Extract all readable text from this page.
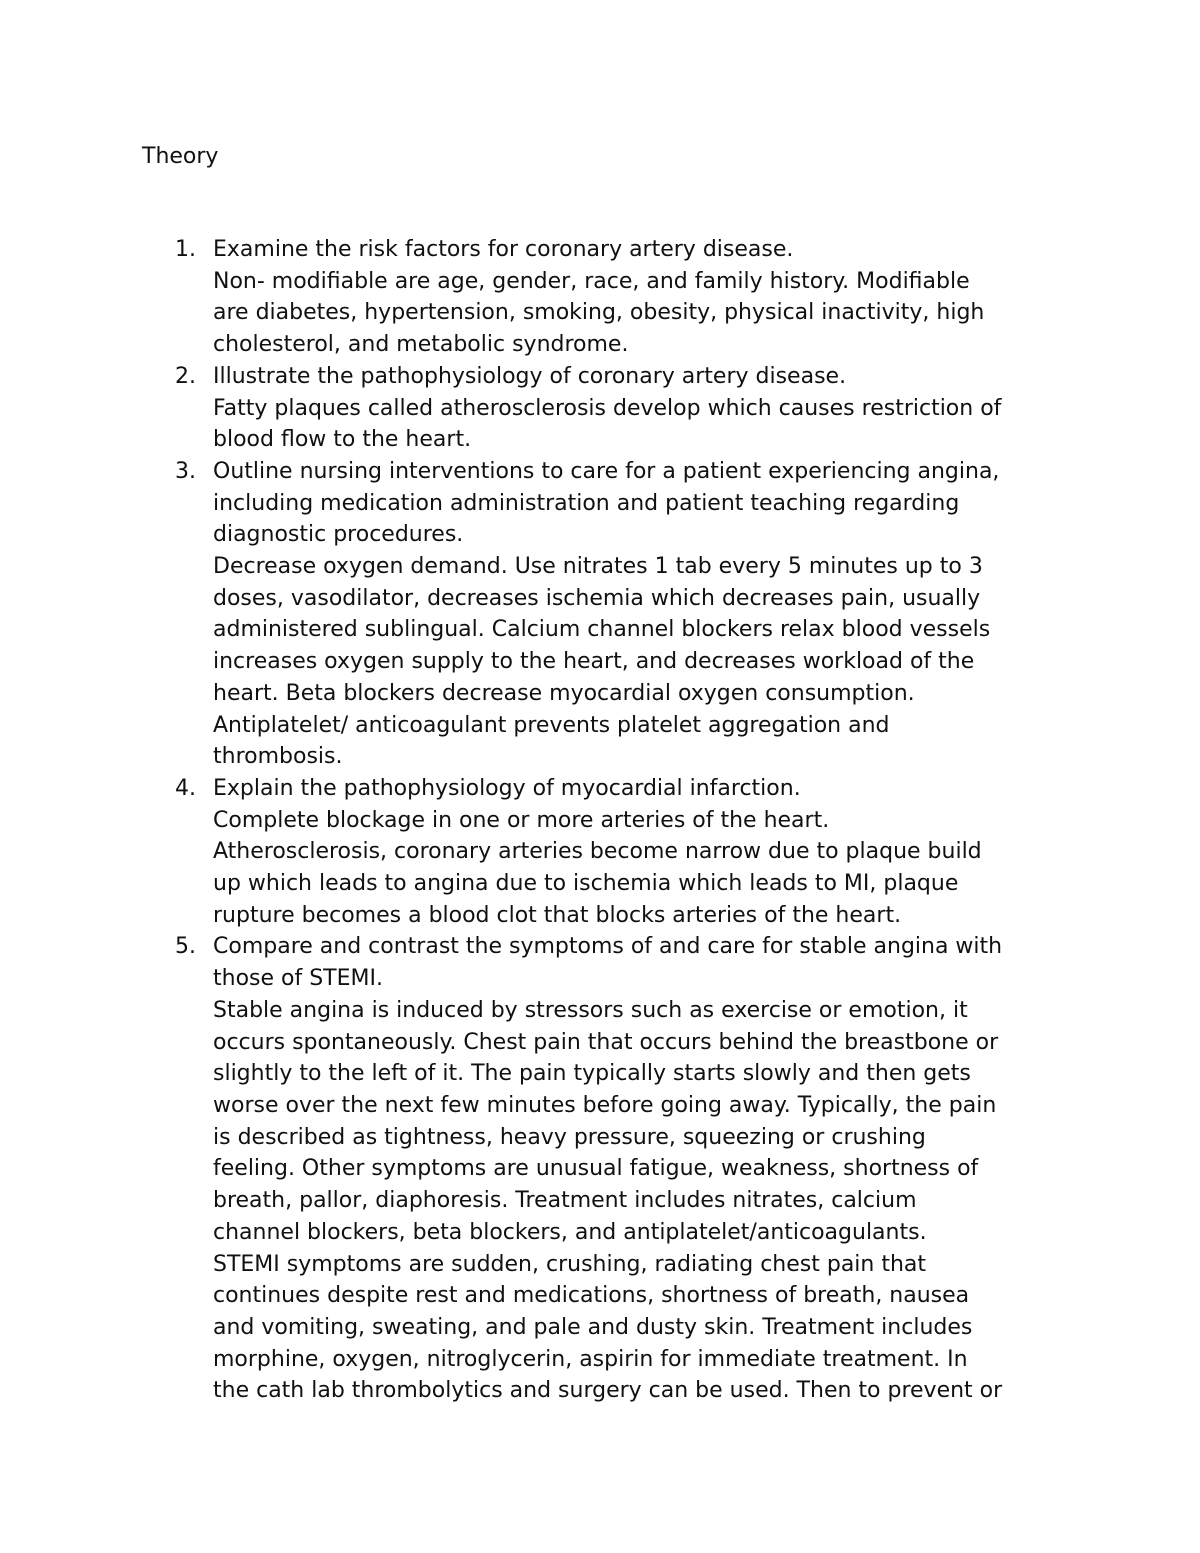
Theory
1. Examine the risk factors for coronary artery disease.
Non- modifiable are age, gender, race, and family history. Modifiable
are diabetes, hypertension, smoking, obesity, physical inactivity, high
cholesterol, and metabolic syndrome.
2. Illustrate the pathophysiology of coronary artery disease.
Fatty plaques called atherosclerosis develop which causes restriction of
blood flow to the heart.
3. Outline nursing interventions to care for a patient experiencing angina,
including medication administration and patient teaching regarding
diagnostic procedures.
Decrease oxygen demand. Use nitrates 1 tab every 5 minutes up to 3
doses, vasodilator, decreases ischemia which decreases pain, usually
administered sublingual. Calcium channel blockers relax blood vessels
increases oxygen supply to the heart, and decreases workload of the
heart. Beta blockers decrease myocardial oxygen consumption.
Antiplatelet/ anticoagulant prevents platelet aggregation and
thrombosis.
4. Explain the pathophysiology of myocardial infarction.
Complete blockage in one or more arteries of the heart.
Atherosclerosis, coronary arteries become narrow due to plaque build
up which leads to angina due to ischemia which leads to MI, plaque
rupture becomes a blood clot that blocks arteries of the heart.
5. Compare and contrast the symptoms of and care for stable angina with
those of STEMI.
Stable angina is induced by stressors such as exercise or emotion, it
occurs spontaneously. Chest pain that occurs behind the breastbone or
slightly to the left of it. The pain typically starts slowly and then gets
worse over the next few minutes before going away. Typically, the pain
is described as tightness, heavy pressure, squeezing or crushing
feeling. Other symptoms are unusual fatigue, weakness, shortness of
breath, pallor, diaphoresis. Treatment includes nitrates, calcium
channel blockers, beta blockers, and antiplatelet/anticoagulants.
STEMI symptoms are sudden, crushing, radiating chest pain that
continues despite rest and medications, shortness of breath, nausea
and vomiting, sweating, and pale and dusty skin. Treatment includes
morphine, oxygen, nitroglycerin, aspirin for immediate treatment. In
the cath lab thrombolytics and surgery can be used. Then to prevent or
